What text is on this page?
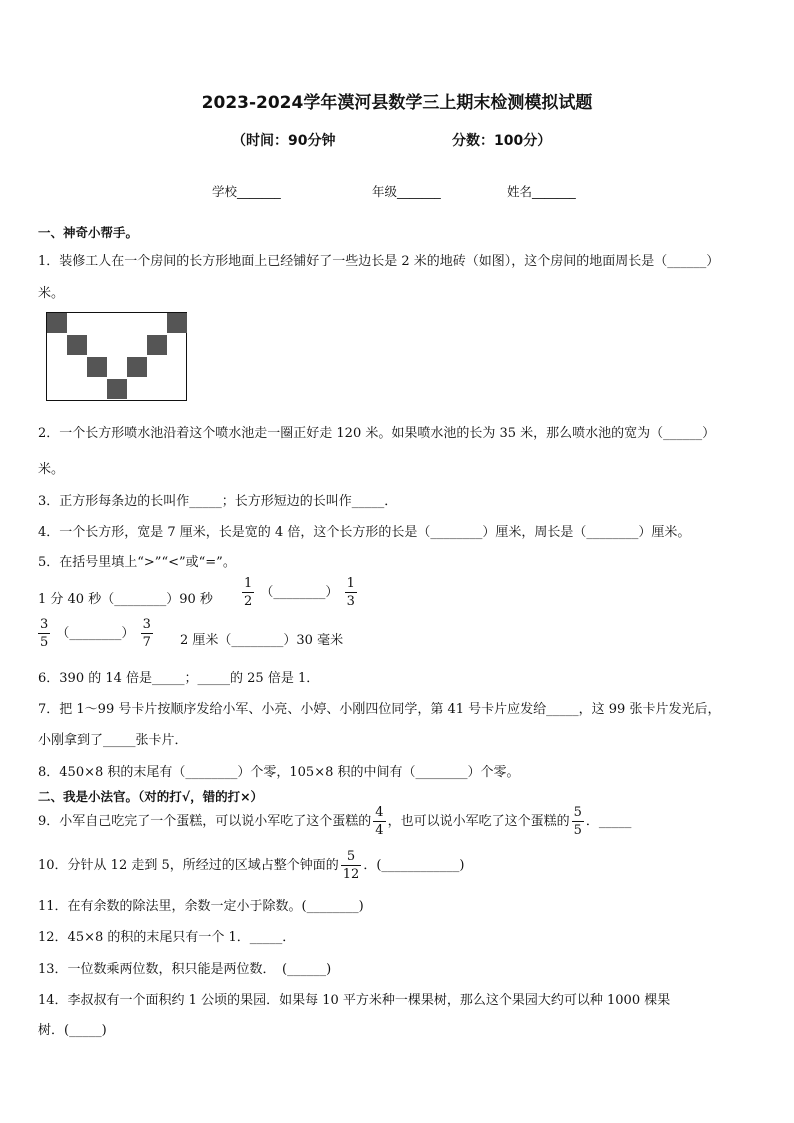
2023-2024学年漠河县数学三上期末检测模拟试题
（时间：90分钟	分数：100分）
学校_______	年级_______	姓名_______
一、神奇小帮手。
1．装修工人在一个房间的长方形地面上已经铺好了一些边长是 2 米的地砖（如图），这个房间的地面周长是（______）
米。
2．一个长方形喷水池沿着这个喷水池走一圈正好走 120 米。如果喷水池的长为 35 米，那么喷水池的宽为（______）
米。
3．正方形每条边的长叫作_____；长方形短边的长叫作_____．
4．一个长方形，宽是 7 厘米，长是宽的 4 倍，这个长方形的长是（________）厘米，周长是（________）厘米。
5．在括号里填上“>”“<”或“=”。
1 分 40 秒（________）90 秒 $\frac{1}{2}$ （________） $\frac{1}{3}$
$\frac{3}{5}$ （________） $\frac{3}{7} 2$ 厘米（________）30 毫米
6．390 的 14 倍是_____；_____的 25 倍是 1．
7．把 1～99 号卡片按顺序发给小军、小亮、小婷、小刚四位同学，第 41 号卡片应发给_____，这 99 张卡片发光后，
小刚拿到了_____张卡片．
8．450×8 积的末尾有（________）个零，105×8 积的中间有（________）个零。
二、我是小法官。（对的打√，错的打×）
9．小军自己吃完了一个蛋糕，可以说小军吃了这个蛋糕的 $\frac{4}{4}$ ，也可以说小军吃了这个蛋糕的 $\frac{5}{5}$ ．_____
10．分针从 12 走到 5，所经过的区域占整个钟面的 $\frac{5}{12}$ ．(____________)
11．在有余数的除法里，余数一定小于除数。(________)
12．45×8 的积的末尾只有一个 1．_____．
13．一位数乘两位数，积只能是两位数．　(______)
14．李叔叔有一个面积约 1 公顷的果园．如果每 10 平方米种一棵果树，那么这个果园大约可以种 1000 棵果
树．(_____)
